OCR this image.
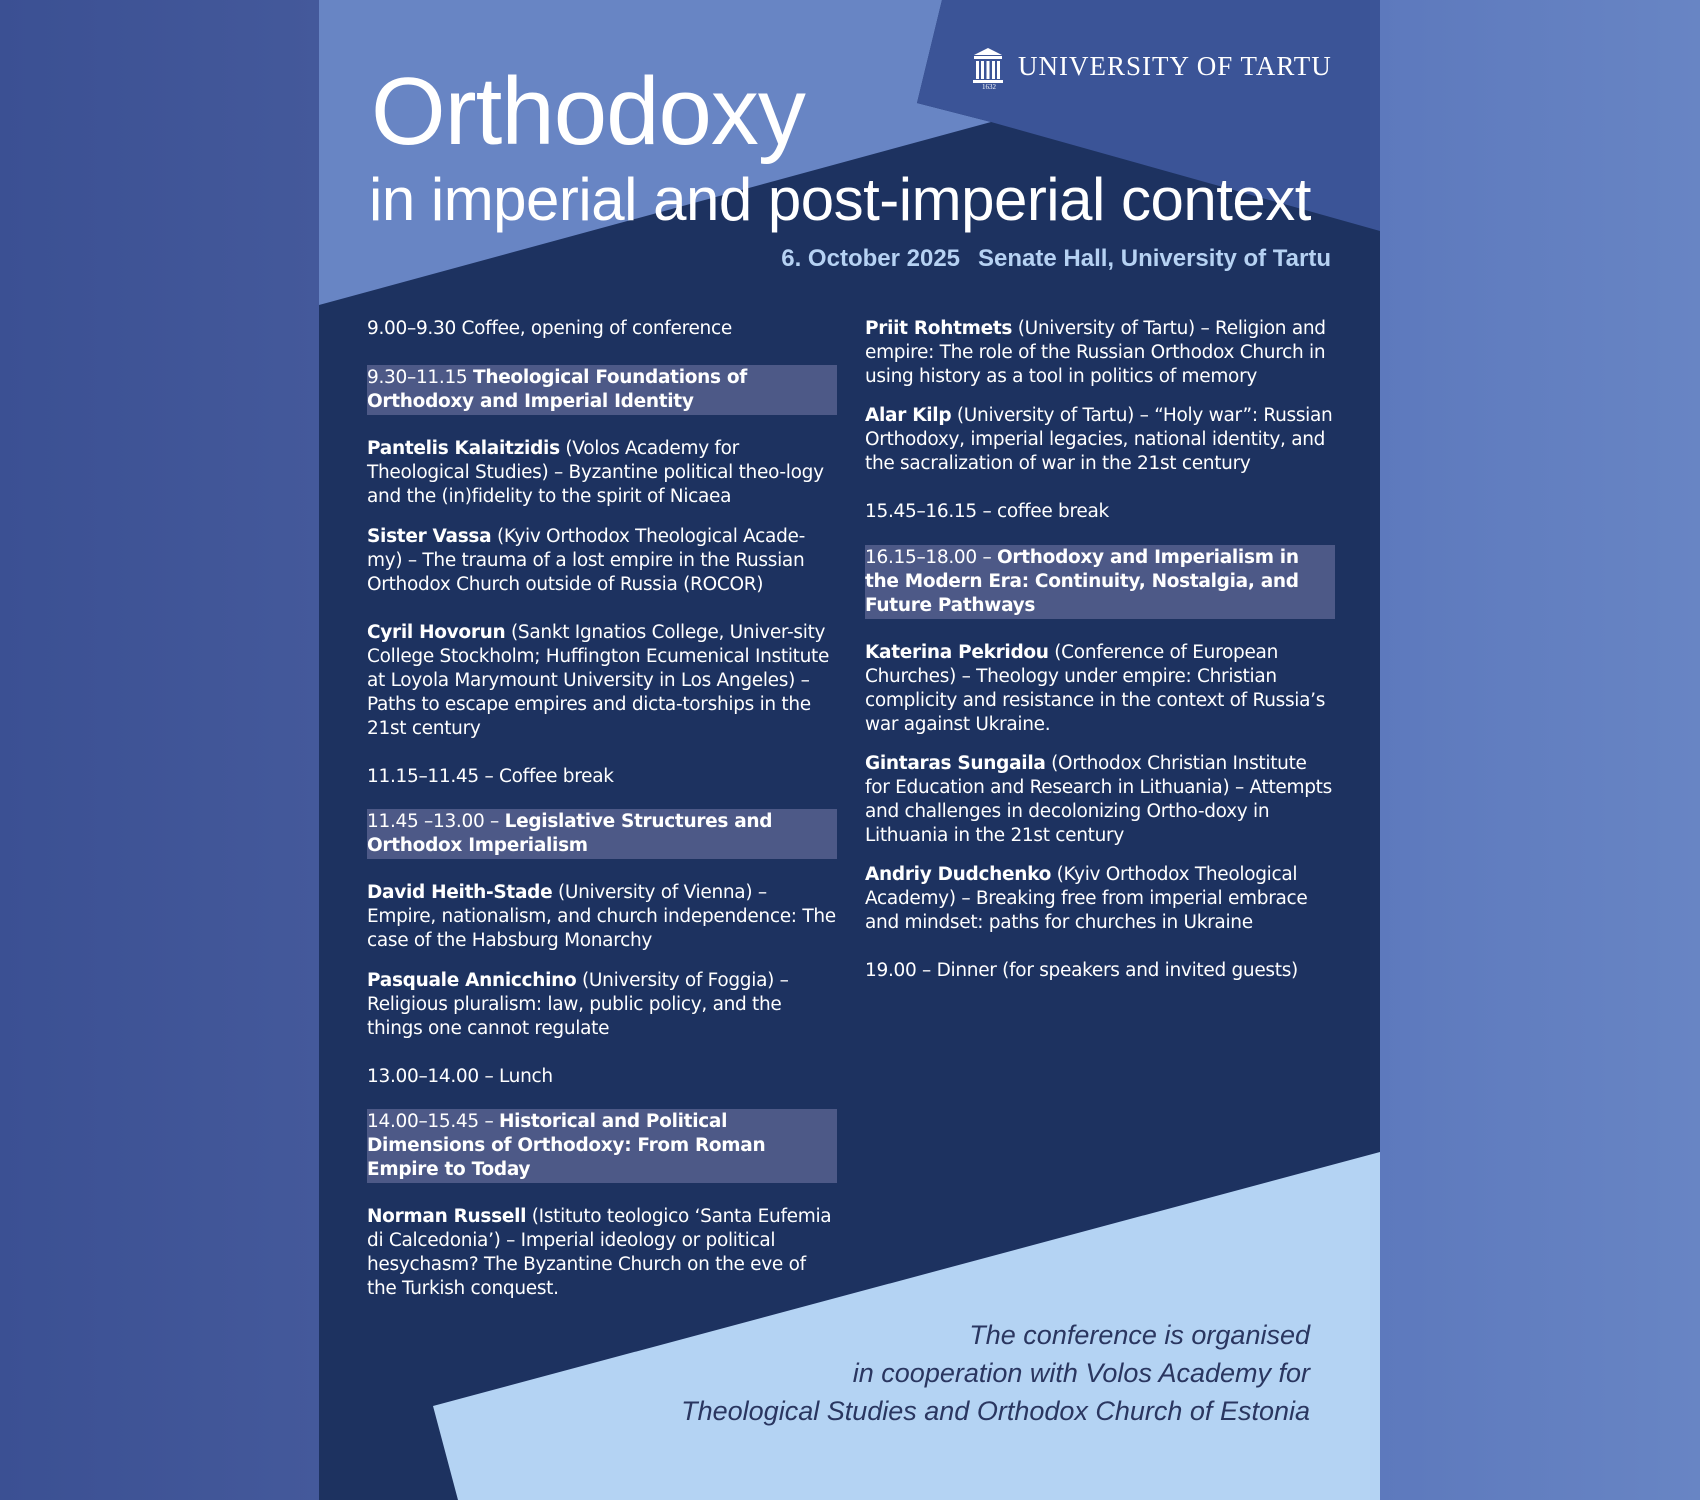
1632
UNIVERSITY OF TARTU
Orthodoxy
in imperial and post-imperial context
6. October 2025 Senate Hall, University of Tartu

9.00–9.30 Coffee, opening of conference

9.30–11.15 Theological Foundations of Orthodoxy and Imperial Identity

Pantelis Kalaitzidis (Volos Academy for Theological Studies) – Byzantine political theo-logy and the (in)fidelity to the spirit of Nicaea

Sister Vassa (Kyiv Orthodox Theological Acade-my) – The trauma of a lost empire in the Russian Orthodox Church outside of Russia (ROCOR)

Cyril Hovorun (Sankt Ignatios College, Univer-sity College Stockholm; Huffington Ecumenical Institute at Loyola Marymount University in Los Angeles) – Paths to escape empires and dicta-torships in the 21st century

11.15–11.45 – Coffee break

11.45 –13.00 – Legislative Structures and Orthodox Imperialism

David Heith-Stade (University of Vienna) – Empire, nationalism, and church independence: The case of the Habsburg Monarchy

Pasquale Annicchino (University of Foggia) – Religious pluralism: law, public policy, and the things one cannot regulate

13.00–14.00 – Lunch

14.00–15.45 – Historical and Political Dimensions of Orthodoxy: From Roman Empire to Today

Norman Russell (Istituto teologico ‘Santa Eufemia di Calcedonia’) – Imperial ideology or political hesychasm? The Byzantine Church on the eve of the Turkish conquest.

Priit Rohtmets (University of Tartu) – Religion and empire: The role of the Russian Orthodox Church in using history as a tool in politics of memory

Alar Kilp (University of Tartu) – “Holy war”: Russian Orthodoxy, imperial legacies, national identity, and the sacralization of war in the 21st century

15.45–16.15 – coffee break

16.15–18.00 – Orthodoxy and Imperialism in the Modern Era: Continuity, Nostalgia, and Future Pathways

Katerina Pekridou (Conference of European Churches) – Theology under empire: Christian complicity and resistance in the context of Russia’s war against Ukraine.

Gintaras Sungaila (Orthodox Christian Institute for Education and Research in Lithuania) – Attempts and challenges in decolonizing Ortho-doxy in Lithuania in the 21st century

Andriy Dudchenko (Kyiv Orthodox Theological Academy) – Breaking free from imperial embrace and mindset: paths for churches in Ukraine

19.00 – Dinner (for speakers and invited guests)

The conference is organised
in cooperation with Volos Academy for
Theological Studies and Orthodox Church of Estonia
